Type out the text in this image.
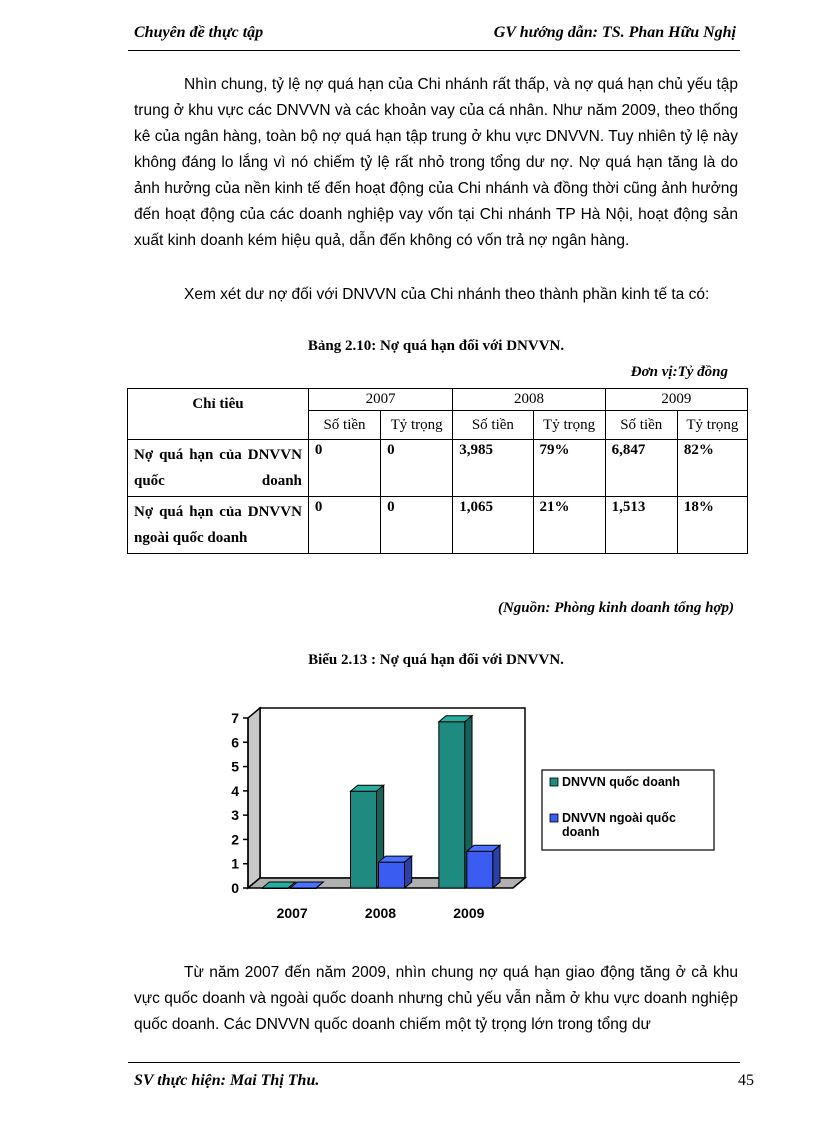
Chuyên đề thực tập	GV hướng dẫn: TS. Phan Hữu Nghị

Nhìn chung, tỷ lệ nợ quá hạn của Chi nhánh rất thấp, và nợ quá hạn chủ yếu tập trung ở khu vực các DNVVN và các khoản vay của cá nhân. Như năm 2009, theo thống kê của ngân hàng, toàn bộ nợ quá hạn tập trung ở khu vực DNVVN. Tuy nhiên tỷ lệ này không đáng lo lắng vì nó chiếm tỷ lệ rất nhỏ trong tổng dư nợ. Nợ quá hạn tăng là do ảnh hưởng của nền kinh tế đến hoạt động của Chi nhánh và đồng thời cũng ảnh hưởng đến hoạt động của các doanh nghiệp vay vốn tại Chi nhánh TP Hà Nội, hoạt động sản xuất kinh doanh kém hiệu quả, dẫn đến không có vốn trả nợ ngân hàng.

Xem xét dư nợ đối với DNVVN của Chi nhánh theo thành phần kinh tế ta có:

Bảng 2.10: Nợ quá hạn đối với DNVVN.
Đơn vị:Tỷ đồng
Chỉ tiêu	2007		2008		2009	
	Số tiền	Tỷ trọng	Số tiền	Tỷ trọng	Số tiền	Tỷ trọng
Nợ quá hạn của DNVVN quốc doanh	0	0	3,985	79%	6,847	82%
Nợ quá hạn của DNVVN ngoài quốc doanh	0	0	1,065	21%	1,513	18%
(Nguồn: Phòng kinh doanh tổng hợp)
Biểu 2.13 : Nợ quá hạn đối với DNVVN.
0
1
2
3
4
5
6
7
2007	2008	2009
DNVVN quốc doanh
DNVVN ngoài quốc
doanh

Từ năm 2007 đến năm 2009, nhìn chung nợ quá hạn giao động tăng ở cả khu vực quốc doanh và ngoài quốc doanh nhưng chủ yếu vẫn nằm ở khu vực doanh nghiệp quốc doanh. Các DNVVN quốc doanh chiếm một tỷ trọng lớn trong tổng dư

SV thực hiện: Mai Thị Thu.	45
